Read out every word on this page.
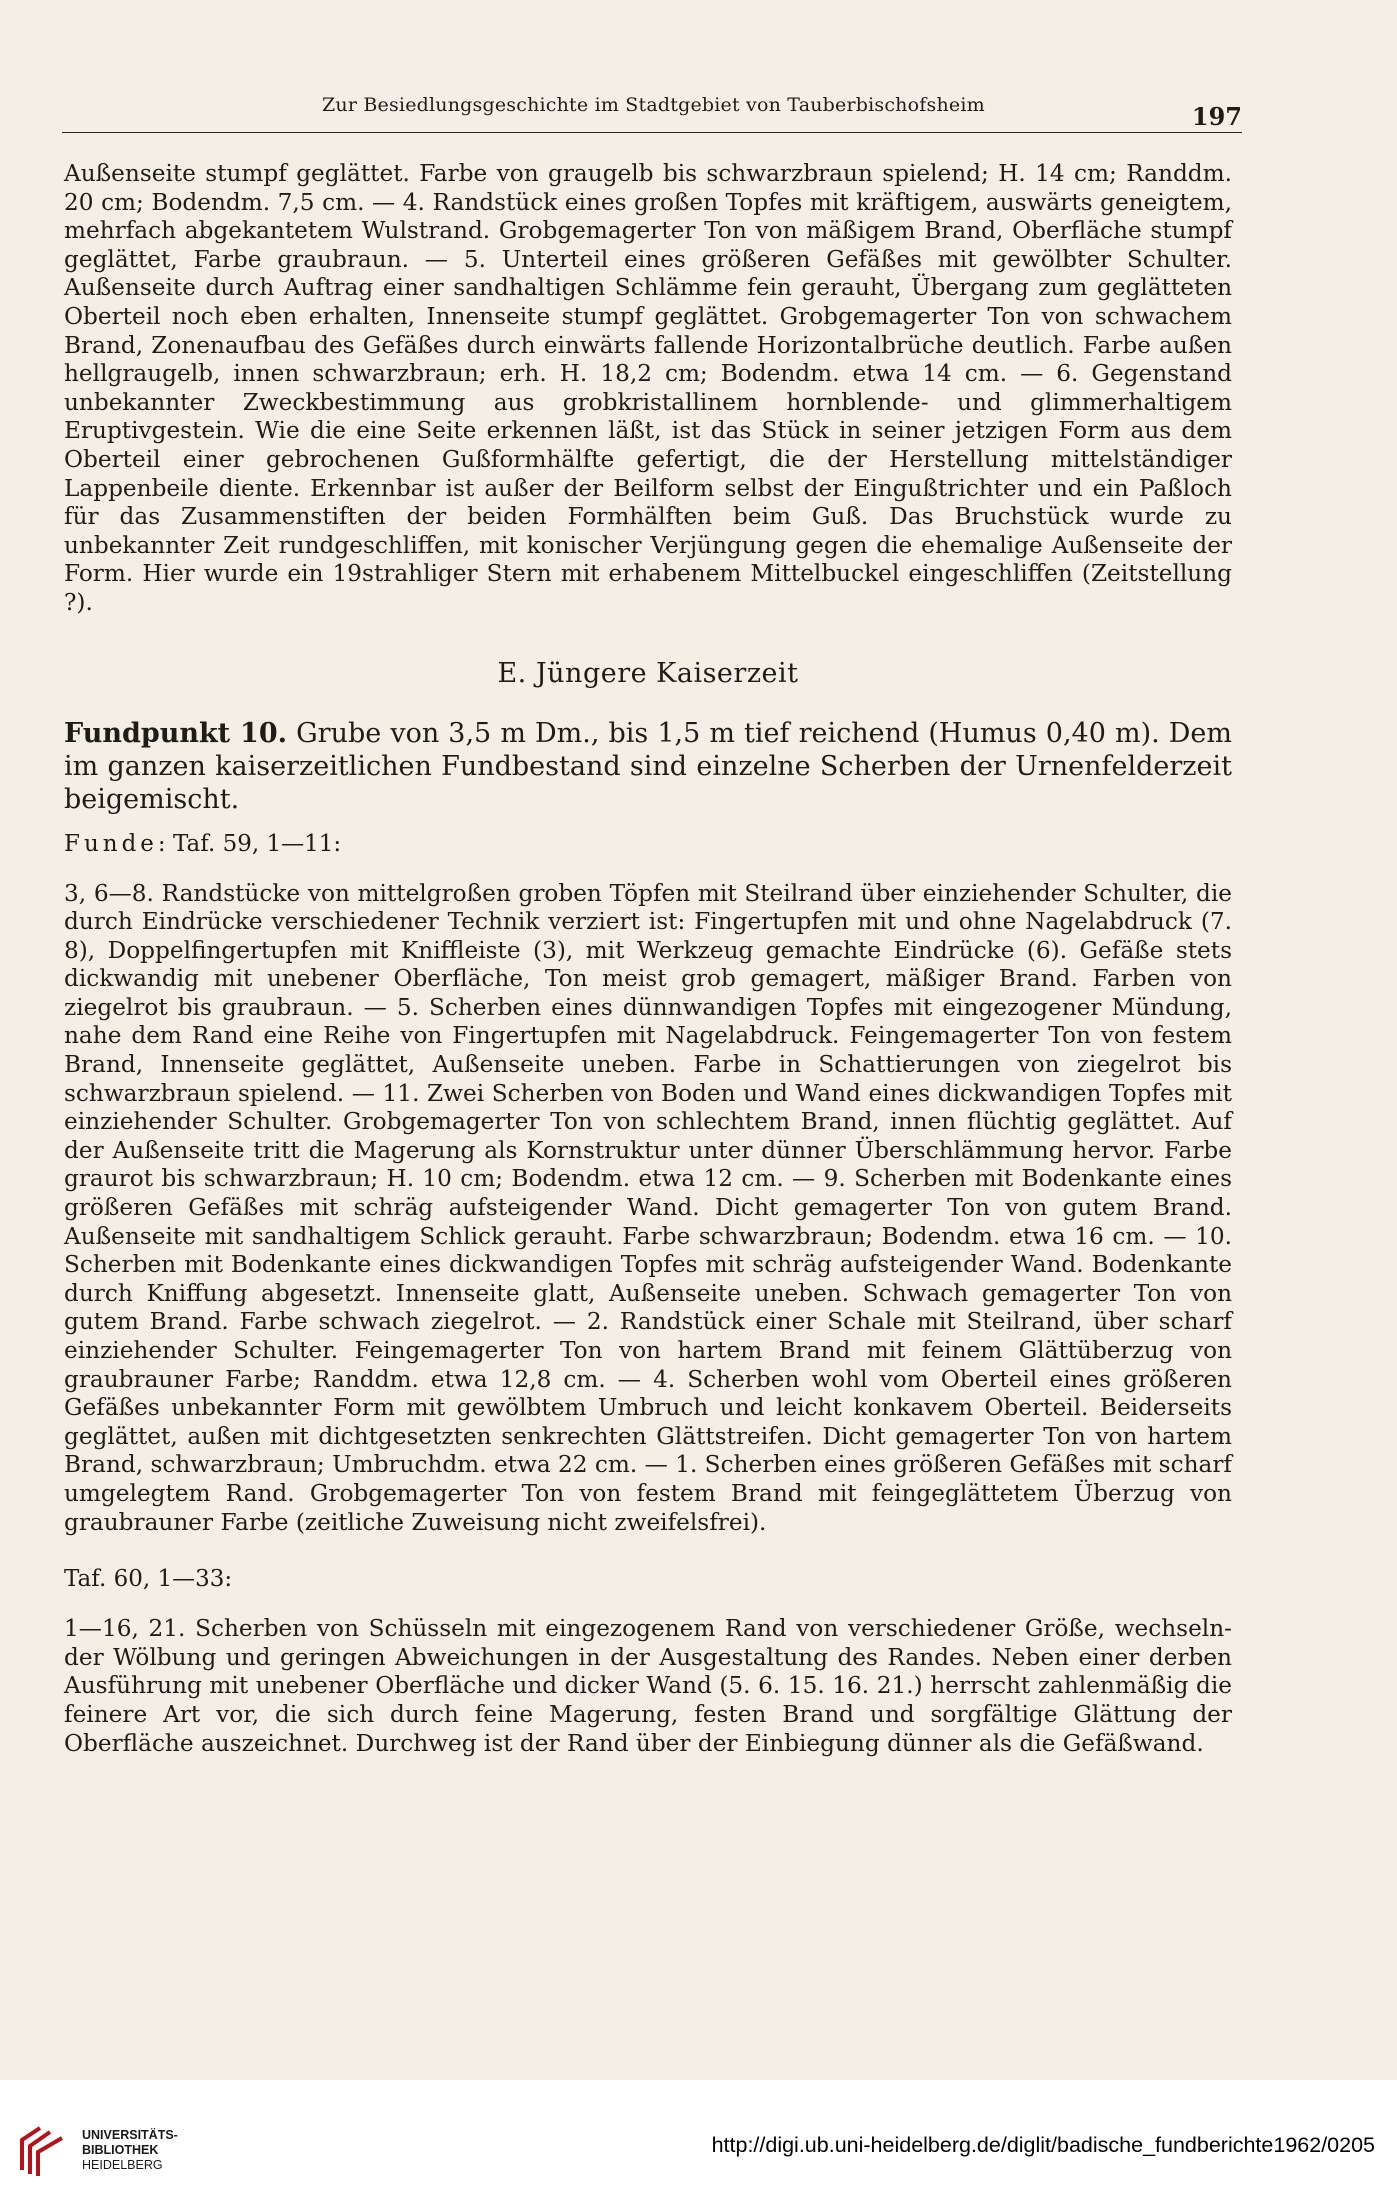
Zur Besiedlungsgeschichte im Stadtgebiet von Tauberbischofsheim	197

Außenseite stumpf geglättet. Farbe von graugelb bis schwarzbraun spielend; H. 14 cm; Randdm. 20 cm; Bodendm. 7,5 cm. — 4. Randstück eines großen Topfes mit kräftigem, auswärts geneigtem, mehrfach abgekantetem Wulstrand. Grobgemagerter Ton von mäßigem Brand, Oberfläche stumpf geglättet, Farbe graubraun. — 5. Unterteil eines größeren Gefäßes mit gewölbter Schulter. Außenseite durch Auftrag einer sandhaltigen Schlämme fein gerauht, Übergang zum geglätteten Oberteil noch eben erhalten, Innenseite stumpf geglättet. Grobgemagerter Ton von schwachem Brand, Zonenaufbau des Gefäßes durch einwärts fallende Horizontalbrüche deutlich. Farbe außen hellgraugelb, innen schwarzbraun; erh. H. 18,2 cm; Bodendm. etwa 14 cm. — 6. Gegenstand unbekannter Zweckbestimmung aus grobkristallinem hornblende- und glimmerhaltigem Eruptivgestein. Wie die eine Seite erkennen läßt, ist das Stück in seiner jetzigen Form aus dem Oberteil einer gebrochenen Gußformhälfte gefertigt, die der Herstellung mittelständiger Lappenbeile diente. Erkennbar ist außer der Beilform selbst der Eingußtrichter und ein Paßloch für das Zusammenstiften der beiden Formhälften beim Guß. Das Bruchstück wurde zu unbekannter Zeit rundgeschliffen, mit konischer Verjüngung gegen die ehemalige Außenseite der Form. Hier wurde ein 19strahliger Stern mit erhabenem Mittelbuckel eingeschliffen (Zeitstellung ?).

E. Jüngere Kaiserzeit

Fundpunkt 10. Grube von 3,5 m Dm., bis 1,5 m tief reichend (Humus 0,40 m). Dem im ganzen kaiserzeitlichen Fundbestand sind einzelne Scherben der Urnenfelderzeit beigemischt.

Funde: Taf. 59, 1—11:

3, 6—8. Randstücke von mittelgroßen groben Töpfen mit Steilrand über einziehender Schulter, die durch Eindrücke verschiedener Technik verziert ist: Fingertupfen mit und ohne Nagelabdruck (7. 8), Doppelfingertupfen mit Kniffleiste (3), mit Werkzeug gemachte Eindrücke (6). Gefäße stets dickwandig mit unebener Oberfläche, Ton meist grob gemagert, mäßiger Brand. Farben von ziegelrot bis graubraun. — 5. Scherben eines dünnwandigen Topfes mit eingezogener Mündung, nahe dem Rand eine Reihe von Fingertupfen mit Nagelabdruck. Feingemagerter Ton von festem Brand, Innenseite geglättet, Außenseite uneben. Farbe in Schattierungen von ziegelrot bis schwarzbraun spielend. — 11. Zwei Scherben von Boden und Wand eines dickwandigen Topfes mit einziehender Schulter. Grobgemagerter Ton von schlechtem Brand, innen flüchtig geglättet. Auf der Außenseite tritt die Magerung als Kornstruktur unter dünner Überschlämmung hervor. Farbe graurot bis schwarzbraun; H. 10 cm; Bodendm. etwa 12 cm. — 9. Scherben mit Bodenkante eines größeren Gefäßes mit schräg aufsteigender Wand. Dicht gemagerter Ton von gutem Brand. Außenseite mit sandhaltigem Schlick gerauht. Farbe schwarzbraun; Bodendm. etwa 16 cm. — 10. Scherben mit Bodenkante eines dickwandigen Topfes mit schräg aufsteigender Wand. Bodenkante durch Kniffung abgesetzt. Innenseite glatt, Außenseite uneben. Schwach gemagerter Ton von gutem Brand. Farbe schwach ziegelrot. — 2. Randstück einer Schale mit Steilrand, über scharf einziehender Schulter. Feingemagerter Ton von hartem Brand mit feinem Glättüberzug von graubrauner Farbe; Randdm. etwa 12,8 cm. — 4. Scherben wohl vom Oberteil eines größeren Gefäßes unbekannter Form mit gewölbtem Umbruch und leicht konkavem Oberteil. Beiderseits geglättet, außen mit dichtgesetzten senkrechten Glättstreifen. Dicht gemagerter Ton von hartem Brand, schwarzbraun; Umbruchdm. etwa 22 cm. — 1. Scherben eines größeren Gefäßes mit scharf umgelegtem Rand. Grobgemagerter Ton von festem Brand mit feingeglättetem Überzug von graubrauner Farbe (zeitliche Zuweisung nicht zweifelsfrei).

Taf. 60, 1—33:

1—16, 21. Scherben von Schüsseln mit eingezogenem Rand von verschiedener Größe, wechselnder Wölbung und geringen Abweichungen in der Ausgestaltung des Randes. Neben einer derben Ausführung mit unebener Oberfläche und dicker Wand (5. 6. 15. 16. 21.) herrscht zahlenmäßig die feinere Art vor, die sich durch feine Magerung, festen Brand und sorgfältige Glättung der Oberfläche auszeichnet. Durchweg ist der Rand über der Einbiegung dünner als die Gefäßwand.

UNIVERSITÄTS-
BIBLIOTHEK
HEIDELBERG
http://digi.ub.uni-heidelberg.de/diglit/badische_fundberichte1962/0205
